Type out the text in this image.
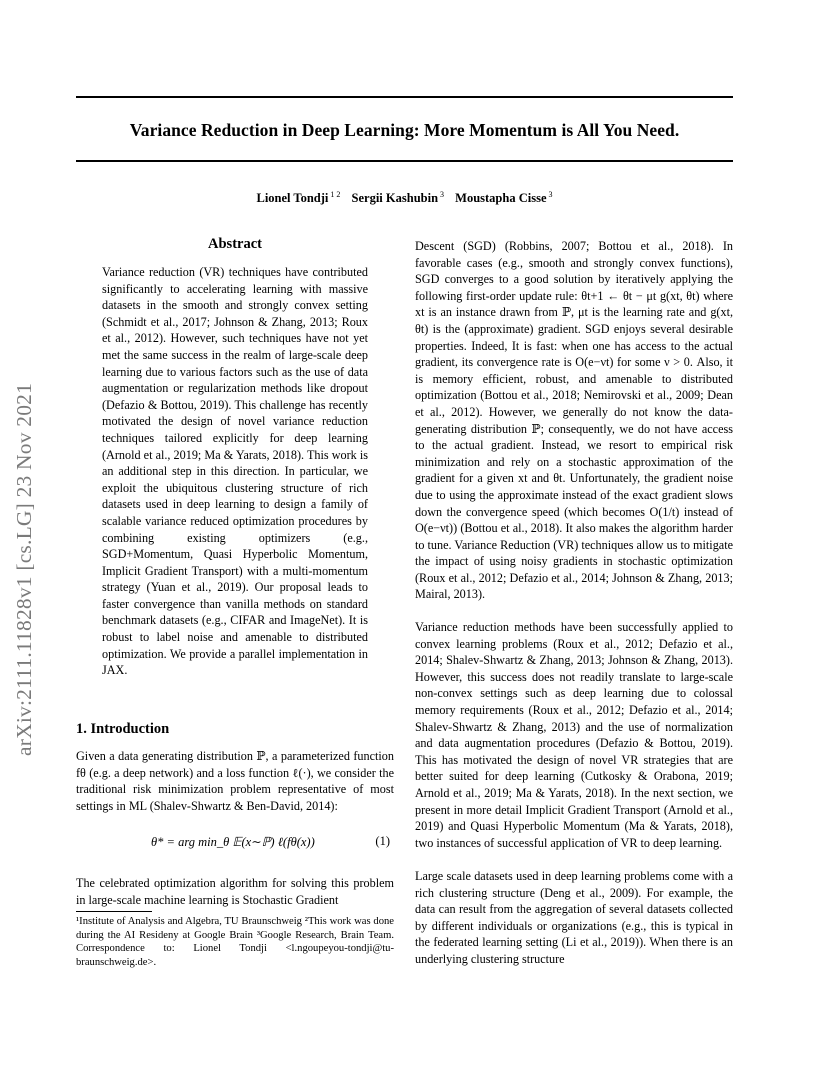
arXiv:2111.11828v1 [cs.LG] 23 Nov 2021
Variance Reduction in Deep Learning: More Momentum is All You Need.
Lionel Tondji $^{1 2}$ Sergii Kashubin $^3$ Moustapha Cisse $^3$
Abstract
Variance reduction (VR) techniques have contributed significantly to accelerating learning with massive datasets in the smooth and strongly convex setting (Schmidt et al., 2017; Johnson & Zhang, 2013; Roux et al., 2012). However, such techniques have not yet met the same success in the realm of large-scale deep learning due to various factors such as the use of data augmentation or regularization methods like dropout (Defazio & Bottou, 2019). This challenge has recently motivated the design of novel variance reduction techniques tailored explicitly for deep learning (Arnold et al., 2019; Ma & Yarats, 2018). This work is an additional step in this direction. In particular, we exploit the ubiquitous clustering structure of rich datasets used in deep learning to design a family of scalable variance reduced optimization procedures by combining existing optimizers (e.g., SGD+Momentum, Quasi Hyperbolic Momentum, Implicit Gradient Transport) with a multi-momentum strategy (Yuan et al., 2019). Our proposal leads to faster convergence than vanilla methods on standard benchmark datasets (e.g., CIFAR and ImageNet). It is robust to label noise and amenable to distributed optimization. We provide a parallel implementation in JAX.
1. Introduction
Given a data generating distribution ℙ, a parameterized function fθ (e.g. a deep network) and a loss function ℓ(·), we consider the traditional risk minimization problem representative of most settings in ML (Shalev-Shwartz & Ben-David, 2014):
θ* = arg min_θ 𝔼(x∼ℙ) ℓ(fθ(x))	(1)
The celebrated optimization algorithm for solving this problem in large-scale machine learning is Stochastic Gradient
¹Institute of Analysis and Algebra, TU Braunschweig ²This work was done during the AI Resideny at Google Brain ³Google Research, Brain Team. Correspondence to: Lionel Tondji <l.ngoupeyou-tondji@tu-braunschweig.de>.
Descent (SGD) (Robbins, 2007; Bottou et al., 2018). In favorable cases (e.g., smooth and strongly convex functions), SGD converges to a good solution by iteratively applying the following first-order update rule: θt+1 ← θt − μt g(xt, θt) where xt is an instance drawn from ℙ, μt is the learning rate and g(xt, θt) is the (approximate) gradient. SGD enjoys several desirable properties. Indeed, It is fast: when one has access to the actual gradient, its convergence rate is O(e−νt) for some ν > 0. Also, it is memory efficient, robust, and amenable to distributed optimization (Bottou et al., 2018; Nemirovski et al., 2009; Dean et al., 2012). However, we generally do not know the data-generating distribution ℙ; consequently, we do not have access to the actual gradient. Instead, we resort to empirical risk minimization and rely on a stochastic approximation of the gradient for a given xt and θt. Unfortunately, the gradient noise due to using the approximate instead of the exact gradient slows down the convergence speed (which becomes O(1/t) instead of O(e−νt)) (Bottou et al., 2018). It also makes the algorithm harder to tune. Variance Reduction (VR) techniques allow us to mitigate the impact of using noisy gradients in stochastic optimization (Roux et al., 2012; Defazio et al., 2014; Johnson & Zhang, 2013; Mairal, 2013).
Variance reduction methods have been successfully applied to convex learning problems (Roux et al., 2012; Defazio et al., 2014; Shalev-Shwartz & Zhang, 2013; Johnson & Zhang, 2013). However, this success does not readily translate to large-scale non-convex settings such as deep learning due to colossal memory requirements (Roux et al., 2012; Defazio et al., 2014; Shalev-Shwartz & Zhang, 2013) and the use of normalization and data augmentation procedures (Defazio & Bottou, 2019). This has motivated the design of novel VR strategies that are better suited for deep learning (Cutkosky & Orabona, 2019; Arnold et al., 2019; Ma & Yarats, 2018). In the next section, we present in more detail Implicit Gradient Transport (Arnold et al., 2019) and Quasi Hyperbolic Momentum (Ma & Yarats, 2018), two instances of successful application of VR to deep learning.
Large scale datasets used in deep learning problems come with a rich clustering structure (Deng et al., 2009). For example, the data can result from the aggregation of several datasets collected by different individuals or organizations (e.g., this is typical in the federated learning setting (Li et al., 2019)). When there is an underlying clustering structure
